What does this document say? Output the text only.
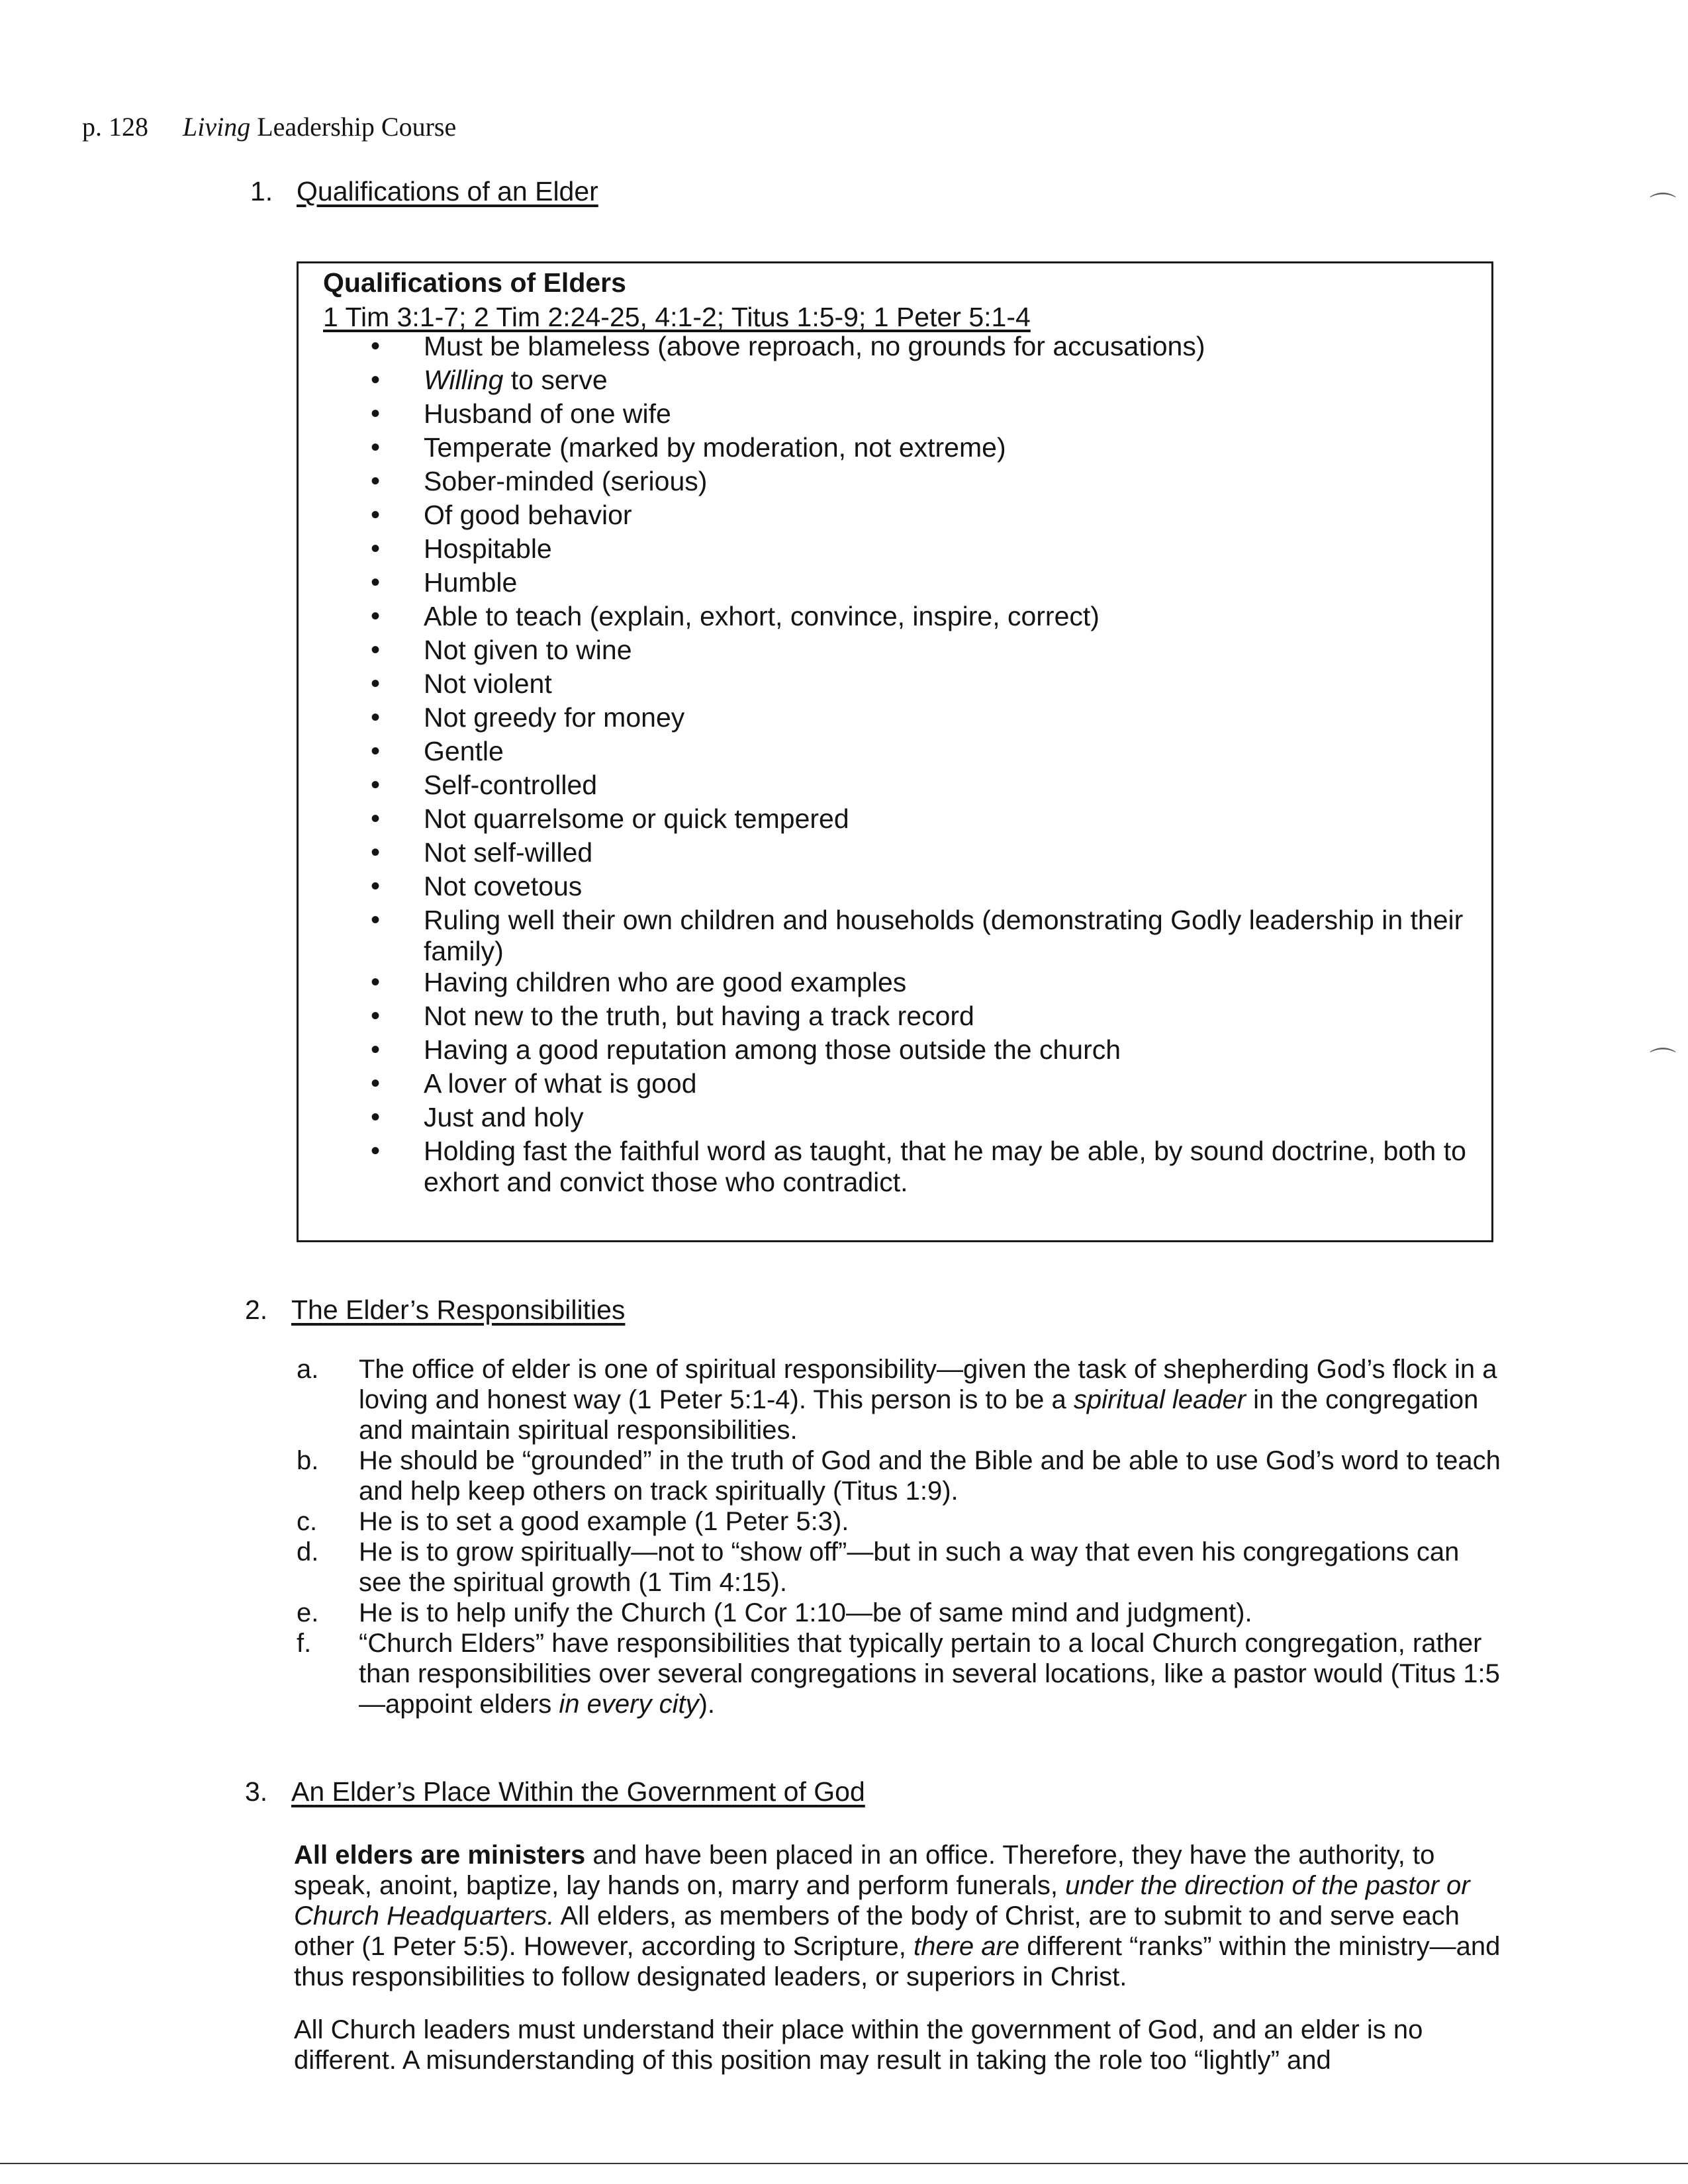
p. 128 Living Leadership Course
1. Qualifications of an Elder
Qualifications of Elders
1 Tim 3:1-7; 2 Tim 2:24-25, 4:1-2; Titus 1:5-9; 1 Peter 5:1-4
• Must be blameless (above reproach, no grounds for accusations)
• Willing to serve
• Husband of one wife
• Temperate (marked by moderation, not extreme)
• Sober-minded (serious)
• Of good behavior
• Hospitable
• Humble
• Able to teach (explain, exhort, convince, inspire, correct)
• Not given to wine
• Not violent
• Not greedy for money
• Gentle
• Self-controlled
• Not quarrelsome or quick tempered
• Not self-willed
• Not covetous
• Ruling well their own children and households (demonstrating Godly leadership in their family)
• Having children who are good examples
• Not new to the truth, but having a track record
• Having a good reputation among those outside the church
• A lover of what is good
• Just and holy
• Holding fast the faithful word as taught, that he may be able, by sound doctrine, both to exhort and convict those who contradict.
2. The Elder’s Responsibilities
a. The office of elder is one of spiritual responsibility—given the task of shepherding God’s flock in a loving and honest way (1 Peter 5:1-4). This person is to be a spiritual leader in the congregation and maintain spiritual responsibilities.
b. He should be “grounded” in the truth of God and the Bible and be able to use God’s word to teach and help keep others on track spiritually (Titus 1:9).
c. He is to set a good example (1 Peter 5:3).
d. He is to grow spiritually—not to “show off”—but in such a way that even his congregations can see the spiritual growth (1 Tim 4:15).
e. He is to help unify the Church (1 Cor 1:10—be of same mind and judgment).
f. “Church Elders” have responsibilities that typically pertain to a local Church congregation, rather than responsibilities over several congregations in several locations, like a pastor would (Titus 1:5—appoint elders in every city).
3. An Elder’s Place Within the Government of God
All elders are ministers and have been placed in an office. Therefore, they have the authority, to speak, anoint, baptize, lay hands on, marry and perform funerals, under the direction of the pastor or Church Headquarters. All elders, as members of the body of Christ, are to submit to and serve each other (1 Peter 5:5). However, according to Scripture, there are different “ranks” within the ministry—and thus responsibilities to follow designated leaders, or superiors in Christ.
All Church leaders must understand their place within the government of God, and an elder is no different. A misunderstanding of this position may result in taking the role too “lightly” and
⌒
⌒
